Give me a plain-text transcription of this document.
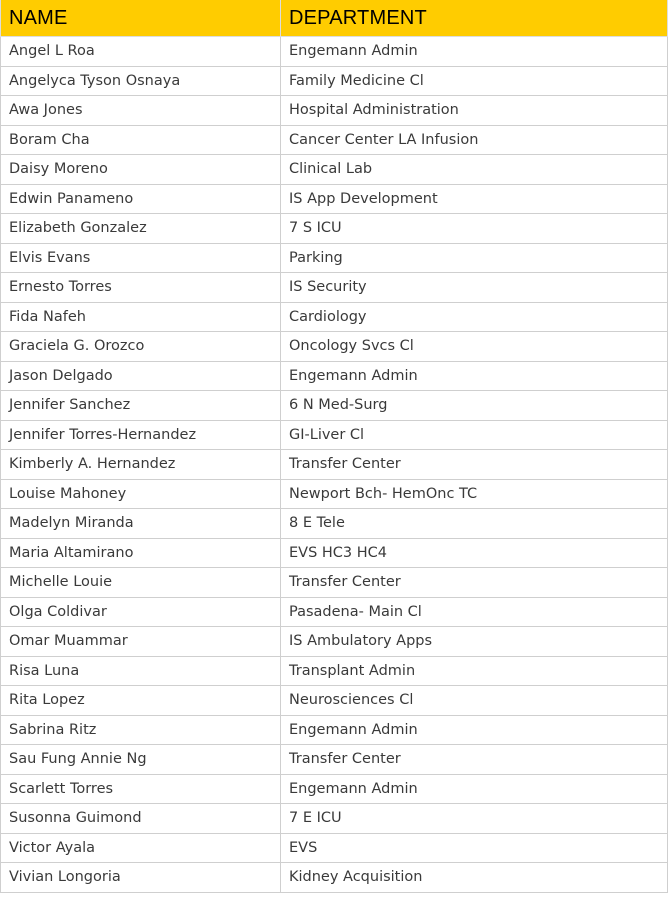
NAME	DEPARTMENT
Angel L Roa	Engemann Admin
Angelyca Tyson Osnaya	Family Medicine Cl
Awa Jones	Hospital Administration
Boram Cha	Cancer Center LA Infusion
Daisy Moreno	Clinical Lab
Edwin Panameno	IS App Development
Elizabeth Gonzalez	7 S ICU
Elvis Evans	Parking
Ernesto Torres	IS Security
Fida Nafeh	Cardiology
Graciela G. Orozco	Oncology Svcs Cl
Jason Delgado	Engemann Admin
Jennifer Sanchez	6 N Med-Surg
Jennifer Torres-Hernandez	GI-Liver Cl
Kimberly A. Hernandez	Transfer Center
Louise Mahoney	Newport Bch- HemOnc TC
Madelyn Miranda	8 E Tele
Maria Altamirano	EVS HC3 HC4
Michelle Louie	Transfer Center
Olga Coldivar	Pasadena- Main Cl
Omar Muammar	IS Ambulatory Apps
Risa Luna	Transplant Admin
Rita Lopez	Neurosciences Cl
Sabrina Ritz	Engemann Admin
Sau Fung Annie Ng	Transfer Center
Scarlett Torres	Engemann Admin
Susonna Guimond	7 E ICU
Victor Ayala	EVS
Vivian Longoria	Kidney Acquisition
